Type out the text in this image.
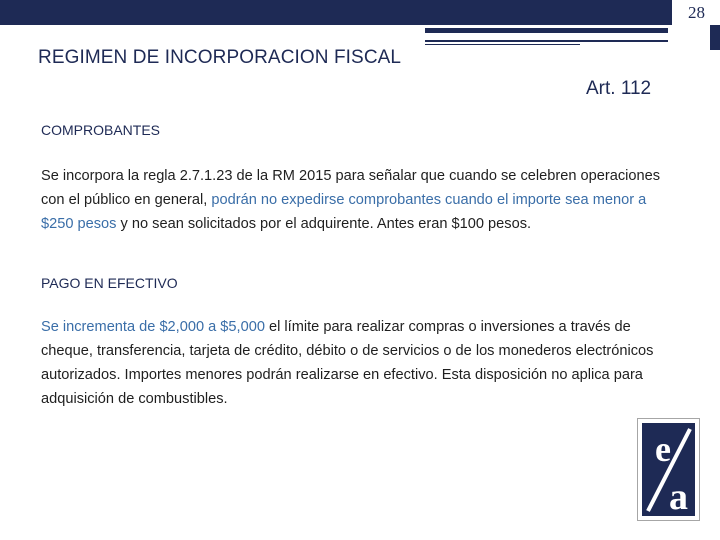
28
REGIMEN DE INCORPORACION FISCAL
Art. 112
COMPROBANTES
Se incorpora la regla 2.7.1.23 de la RM 2015 para señalar que cuando se celebren operaciones con el público en general, podrán no expedirse comprobantes cuando el importe sea menor a $250 pesos y no sean solicitados por el adquirente. Antes eran $100 pesos.
PAGO EN EFECTIVO
Se incrementa de $2,000 a $5,000 el límite para realizar compras o inversiones a través de cheque, transferencia, tarjeta de crédito, débito o de servicios o de los monederos electrónicos autorizados. Importes menores podrán realizarse en efectivo. Esta disposición no aplica para adquisición de combustibles.
e
a
